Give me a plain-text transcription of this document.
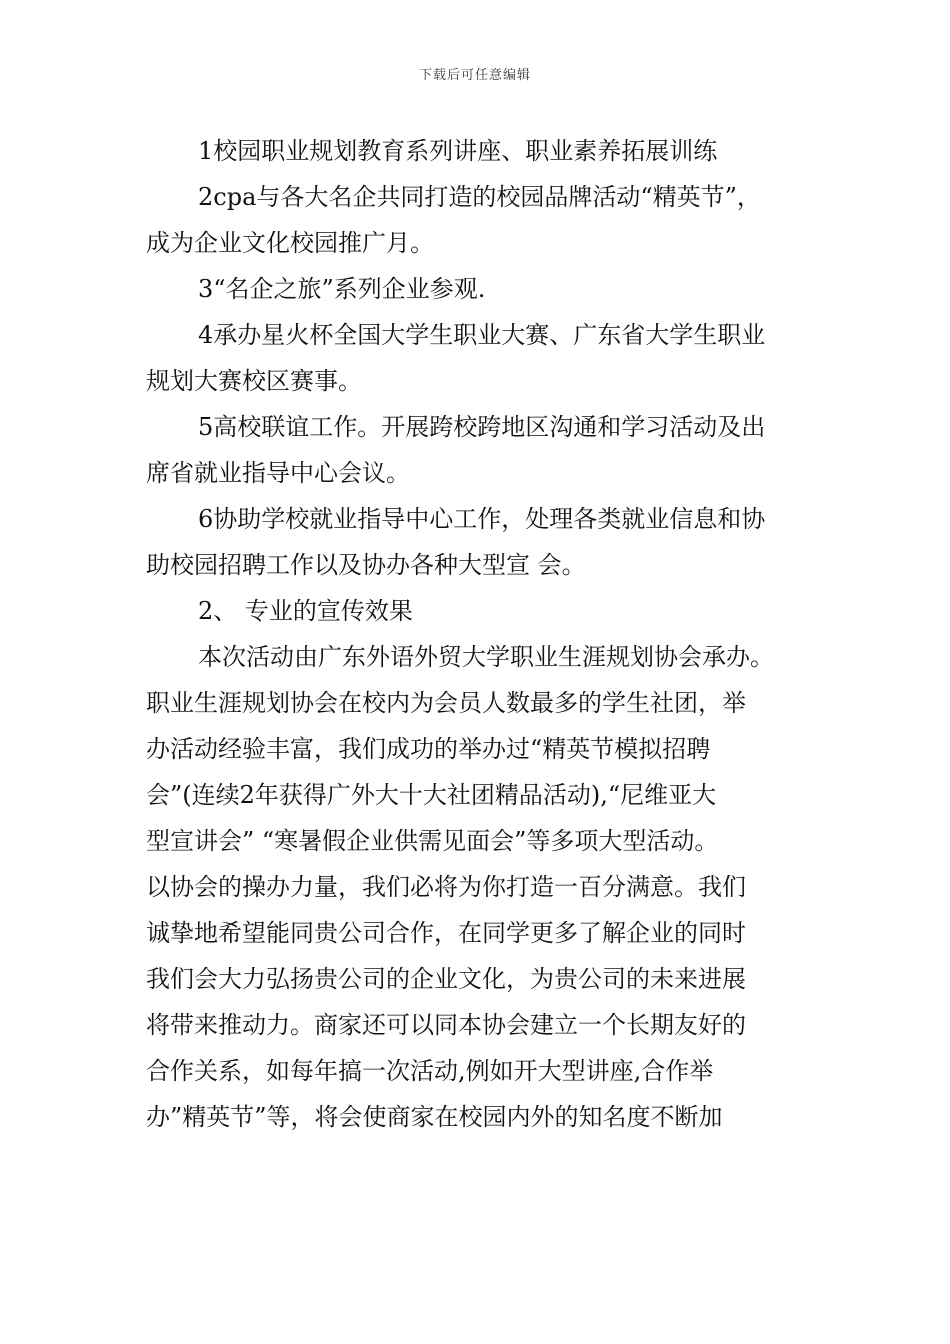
下载后可任意编辑
1校园职业规划教育系列讲座、职业素养拓展训练
2cpa与各大名企共同打造的校园品牌活动“精英节”，
成为企业文化校园推广月。
3“名企之旅”系列企业参观.
4承办星火杯全国大学生职业大赛、广东省大学生职业
规划大赛校区赛事。
5高校联谊工作。开展跨校跨地区沟通和学习活动及出
席省就业指导中心会议。
6协助学校就业指导中心工作，处理各类就业信息和协
助校园招聘工作以及协办各种大型宣 会。
2、 专业的宣传效果
本次活动由广东外语外贸大学职业生涯规划协会承办。
职业生涯规划协会在校内为会员人数最多的学生社团，举
办活动经验丰富，我们成功的举办过“精英节模拟招聘
会”(连续2年获得广外大十大社团精品活动),“尼维亚大
型宣讲会” “寒暑假企业供需见面会”等多项大型活动。
以协会的操办力量，我们必将为你打造一百分满意。我们
诚挚地希望能同贵公司合作，在同学更多了解企业的同时
我们会大力弘扬贵公司的企业文化，为贵公司的未来进展
将带来推动力。商家还可以同本协会建立一个长期友好的
合作关系，如每年搞一次活动,例如开大型讲座,合作举
办”精英节”等，将会使商家在校园内外的知名度不断加
